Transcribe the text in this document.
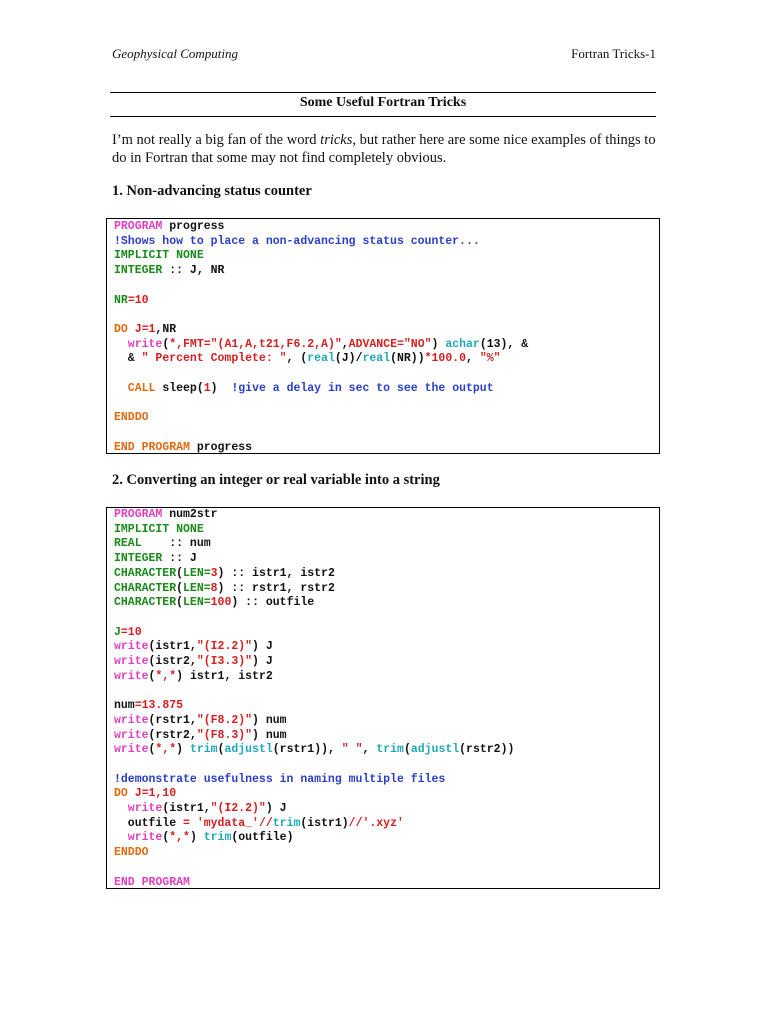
Geophysical Computing	Fortran Tricks-1
Some Useful Fortran Tricks
I’m not really a big fan of the word tricks, but rather here are some nice examples of things to do in Fortran that some may not find completely obvious.
1. Non-advancing status counter
PROGRAM progress
!Shows how to place a non-advancing status counter...
IMPLICIT NONE
INTEGER :: J, NR

NR=10

DO J=1,NR
write(*,FMT="(A1,A,t21,F6.2,A)",ADVANCE="NO") achar(13), &
& " Percent Complete: ", (real(J)/real(NR))*100.0, "%"

CALL sleep(1)  !give a delay in sec to see the output

ENDDO

END PROGRAM progress
2. Converting an integer or real variable into a string
PROGRAM num2str
IMPLICIT NONE
REAL    :: num
INTEGER :: J
CHARACTER(LEN=3) :: istr1, istr2
CHARACTER(LEN=8) :: rstr1, rstr2
CHARACTER(LEN=100) :: outfile

J=10
write(istr1,"(I2.2)") J
write(istr2,"(I3.3)") J
write(*,*) istr1, istr2

num=13.875
write(rstr1,"(F8.2)") num
write(rstr2,"(F8.3)") num
write(*,*) trim(adjustl(rstr1)), " ", trim(adjustl(rstr2))

!demonstrate usefulness in naming multiple files
DO J=1,10
write(istr1,"(I2.2)") J
outfile = 'mydata_'//trim(istr1)//'.xyz'
write(*,*) trim(outfile)
ENDDO

END PROGRAM
